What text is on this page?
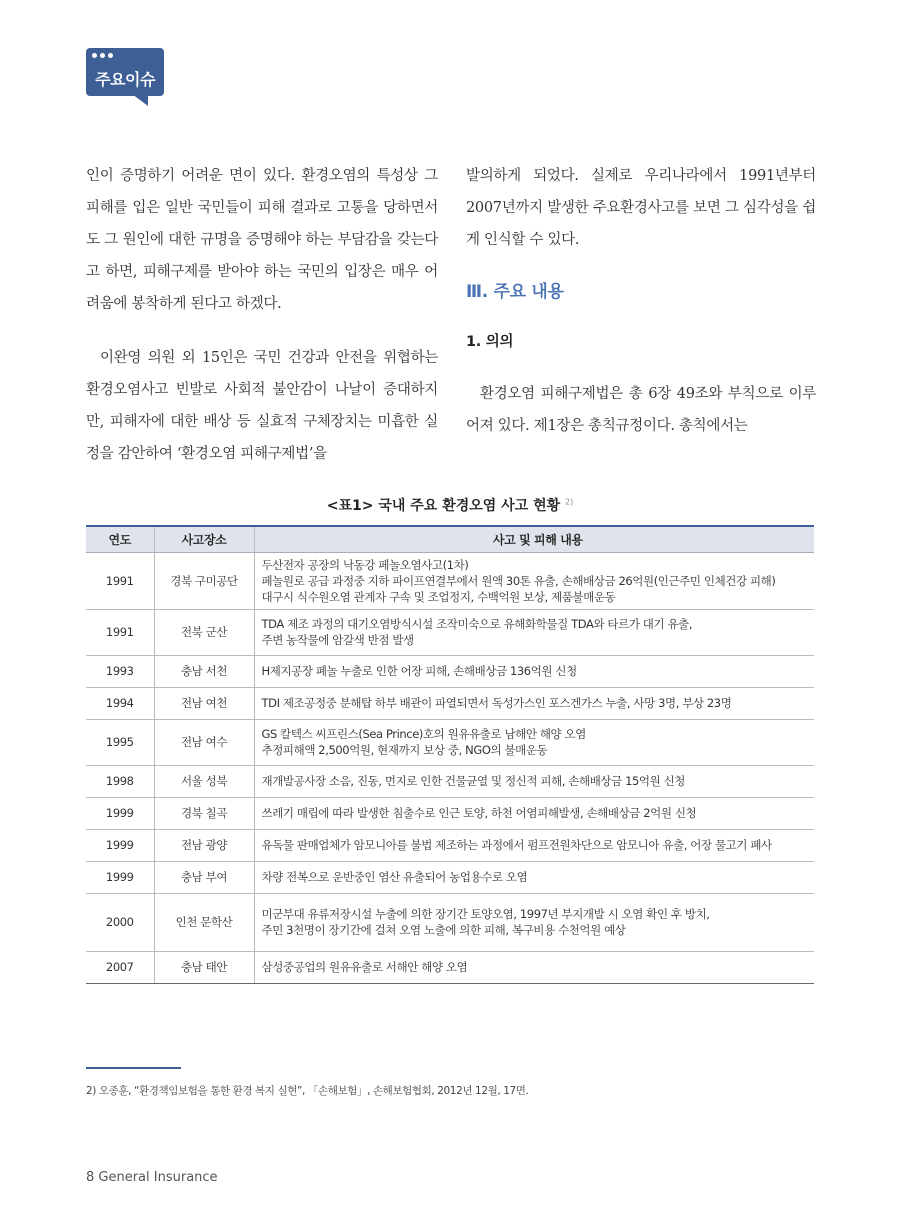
주요이슈

인이 증명하기 어려운 면이 있다. 환경오염의 특성상 그 피해를 입은 일반 국민들이 피해 결과로 고통을 당하면서도 그 원인에 대한 규명을 증명해야 하는 부담감을 갖는다고 하면, 피해구제를 받아야 하는 국민의 입장은 매우 어려움에 봉착하게 된다고 하겠다.

이완영 의원 외 15인은 국민 건강과 안전을 위협하는 환경오염사고 빈발로 사회적 불안감이 나날이 증대하지만, 피해자에 대한 배상 등 실효적 구체장치는 미흡한 실정을 감안하여 ‘환경오염 피해구제법’을

발의하게 되었다. 실제로 우리나라에서 1991년부터 2007년까지 발생한 주요환경사고를 보면 그 심각성을 쉽게 인식할 수 있다.

Ⅲ. 주요 내용
1. 의의

환경오염 피해구제법은 총 6장 49조와 부칙으로 이루어져 있다. 제1장은 총칙규정이다. 총칙에서는

<표1> 국내 주요 환경오염 사고 현황 $^{2)}$
연도	사고장소	사고 및 피해 내용
1991	경북 구미공단	두산전자 공장의 낙동강 페놀오염사고(1차)
페놀원로 공급 과정중 지하 파이프연결부에서 원액 30톤 유출, 손해배상금 26억원(인근주민 인체건강 피해)
대구시 식수원오염 관계자 구속 및 조업정지, 수백억원 보상, 제품불매운동

1991	전북 군산	TDA 제조 과정의 대기오염방식시설 조작미숙으로 유해화학물질 TDA와 타르가 대기 유출,
주변 농작물에 암갈색 반점 발생

1993	충남 서천	H제지공장 폐놀 누출로 인한 어장 피해, 손해배상금 136억원 신청

1994	전남 여천	TDI 제조공정중 분해탑 하부 배관이 파열되면서 독성가스인 포스겐가스 누출, 사망 3명, 부상 23명

1995	전남 여수	GS 칼텍스 씨프린스(Sea Prince)호의 원유유출로 남해안 해양 오염
추정피해액 2,500억원, 현재까지 보상 중, NGO의 불매운동

1998	서울 성북	재개발공사장 소음, 진동, 먼지로 인한 건물균열 및 정신적 피해, 손해배상금 15억원 신청

1999	경북 칠곡	쓰레기 매립에 따라 발생한 침출수로 인근 토양, 하천 어염피해발생, 손해배상금 2억원 신청

1999	전남 광양	유독물 판매업체가 암모니아를 불법 제조하는 과정에서 펌프전원차단으로 암모니아 유출, 어장 물고기 폐사

1999	충남 부여	차량 전복으로 운반중인 염산 유출되어 농업용수로 오염

2000	인천 문학산	미군부대 유류저장시설 누출에 의한 장기간 토양오염, 1997년 부지개발 시 오염 확인 후 방치,
주민 3천명이 장기간에 걸쳐 오염 노출에 의한 피해, 복구비용 수천억원 예상

2007	충남 태안	삼성중공업의 원유유출로 서해안 해양 오염
2) 오종훈, “환경책임보험을 통한 환경 복지 실현”, 「손해보험」, 손해보험협회, 2012년 12월, 17면.
8 General Insurance
